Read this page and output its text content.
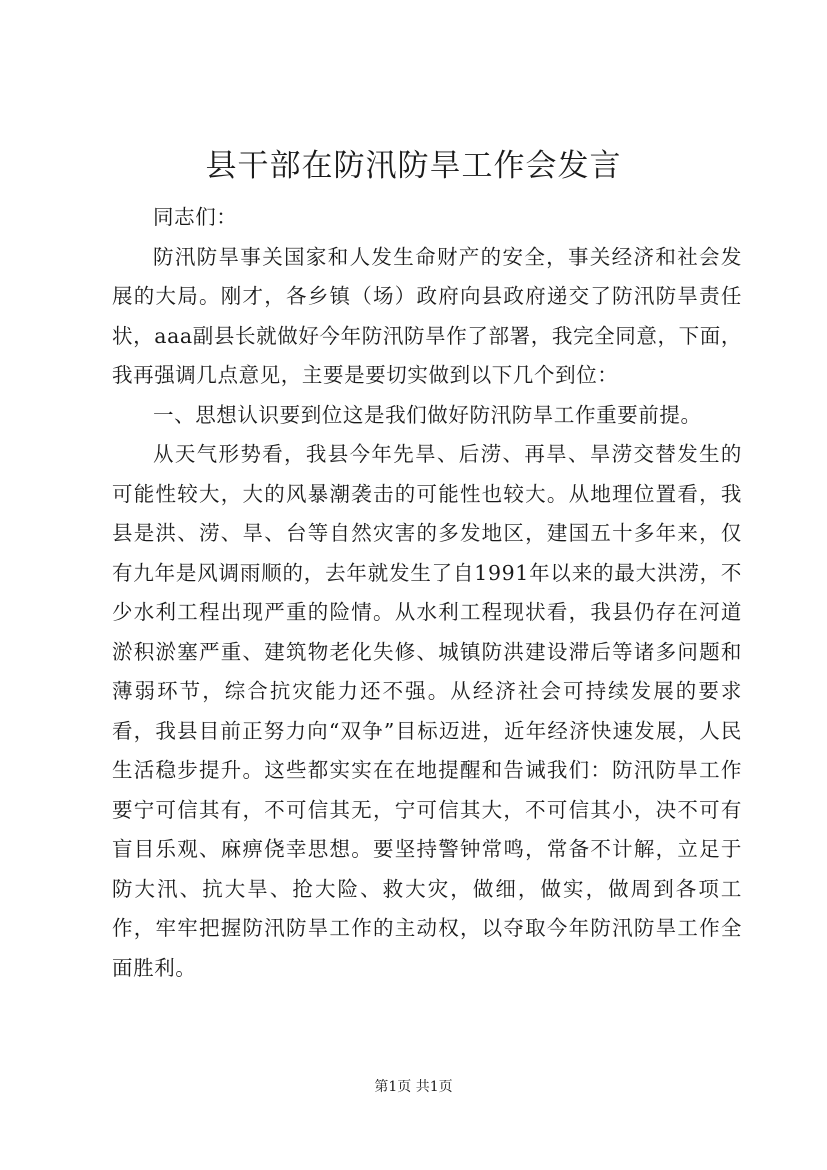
县干部在防汛防旱工作会发言

同志们：

防汛防旱事关国家和人发生命财产的安全，事关经济和社会发展的大局。刚才，各乡镇（场）政府向县政府递交了防汛防旱责任状，aaa副县长就做好今年防汛防旱作了部署，我完全同意，下面，我再强调几点意见，主要是要切实做到以下几个到位：

一、思想认识要到位这是我们做好防汛防旱工作重要前提。

从天气形势看，我县今年先旱、后涝、再旱、旱涝交替发生的可能性较大，大的风暴潮袭击的可能性也较大。从地理位置看，我县是洪、涝、旱、台等自然灾害的多发地区，建国五十多年来，仅有九年是风调雨顺的，去年就发生了自1991年以来的最大洪涝，不少水利工程出现严重的险情。从水利工程现状看，我县仍存在河道淤积淤塞严重、建筑物老化失修、城镇防洪建设滞后等诸多问题和薄弱环节，综合抗灾能力还不强。从经济社会可持续发展的要求看，我县目前正努力向“双争”目标迈进，近年经济快速发展，人民生活稳步提升。这些都实实在在地提醒和告诫我们：防汛防旱工作要宁可信其有，不可信其无，宁可信其大，不可信其小，决不可有盲目乐观、麻痹侥幸思想。要坚持警钟常鸣，常备不计解，立足于防大汛、抗大旱、抢大险、救大灾，做细，做实，做周到各项工作，牢牢把握防汛防旱工作的主动权，以夺取今年防汛防旱工作全面胜利。

第1页 共1页
